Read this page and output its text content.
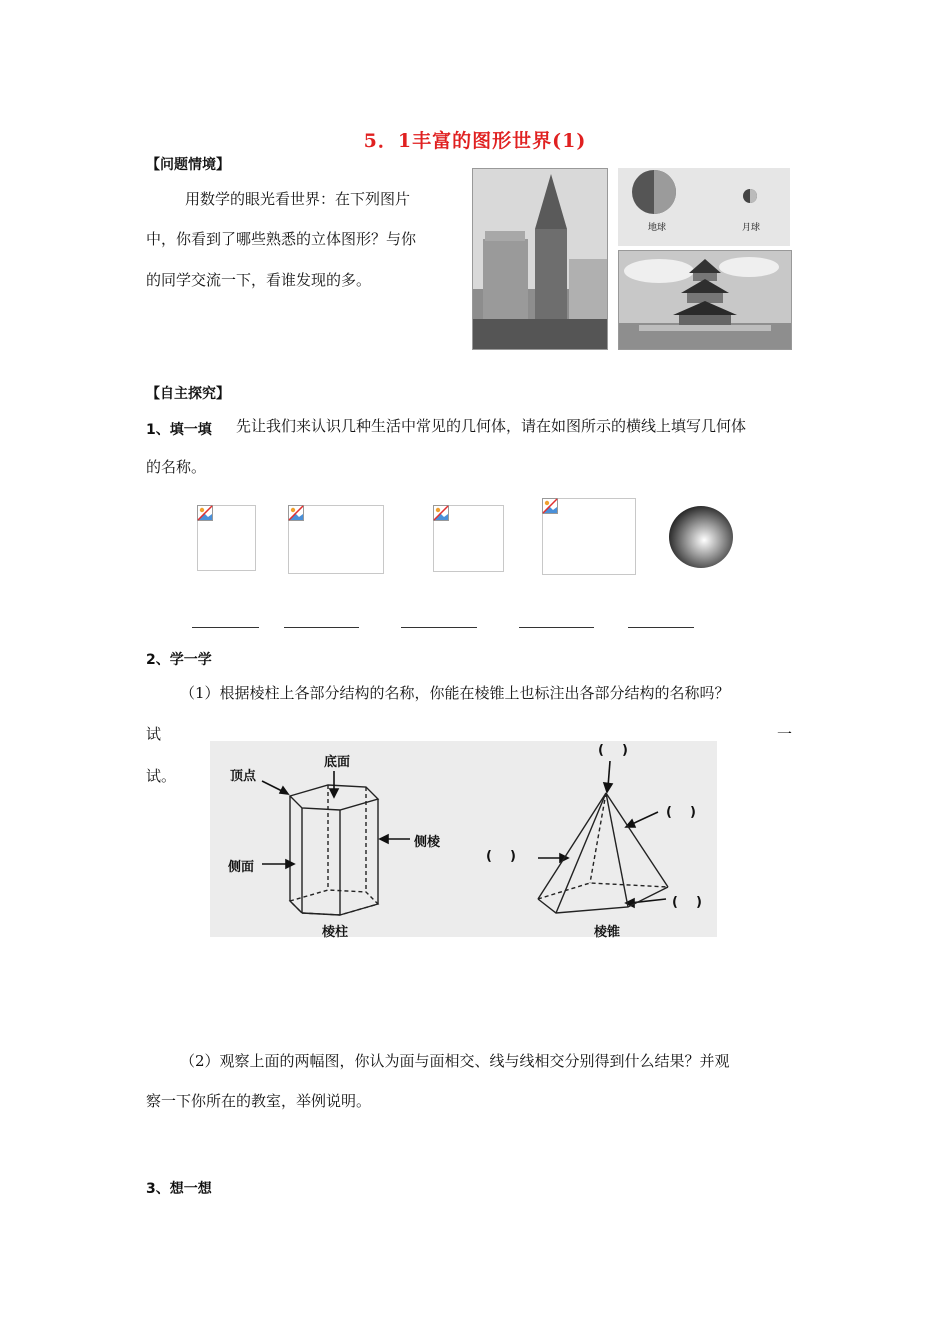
5．1丰富的图形世界(1)
【问题情境】
用数学的眼光看世界：在下列图片
中，你看到了哪些熟悉的立体图形？与你
的同学交流一下，看谁发现的多。
地球	月球
【自主探究】
1、填一填 先让我们来认识几种生活中常见的几何体，请在如图所示的横线上填写几何体
的名称。
2、学一学
（1）根据棱柱上各部分结构的名称，你能在棱锥上也标注出各部分结构的名称吗？
试	一
试。	顶点
底面
侧棱
侧面
棱柱	棱锥
(    )
(    )
(    )
(    )
（2）观察上面的两幅图，你认为面与面相交、线与线相交分别得到什么结果？并观
察一下你所在的教室，举例说明。
3、想一想
